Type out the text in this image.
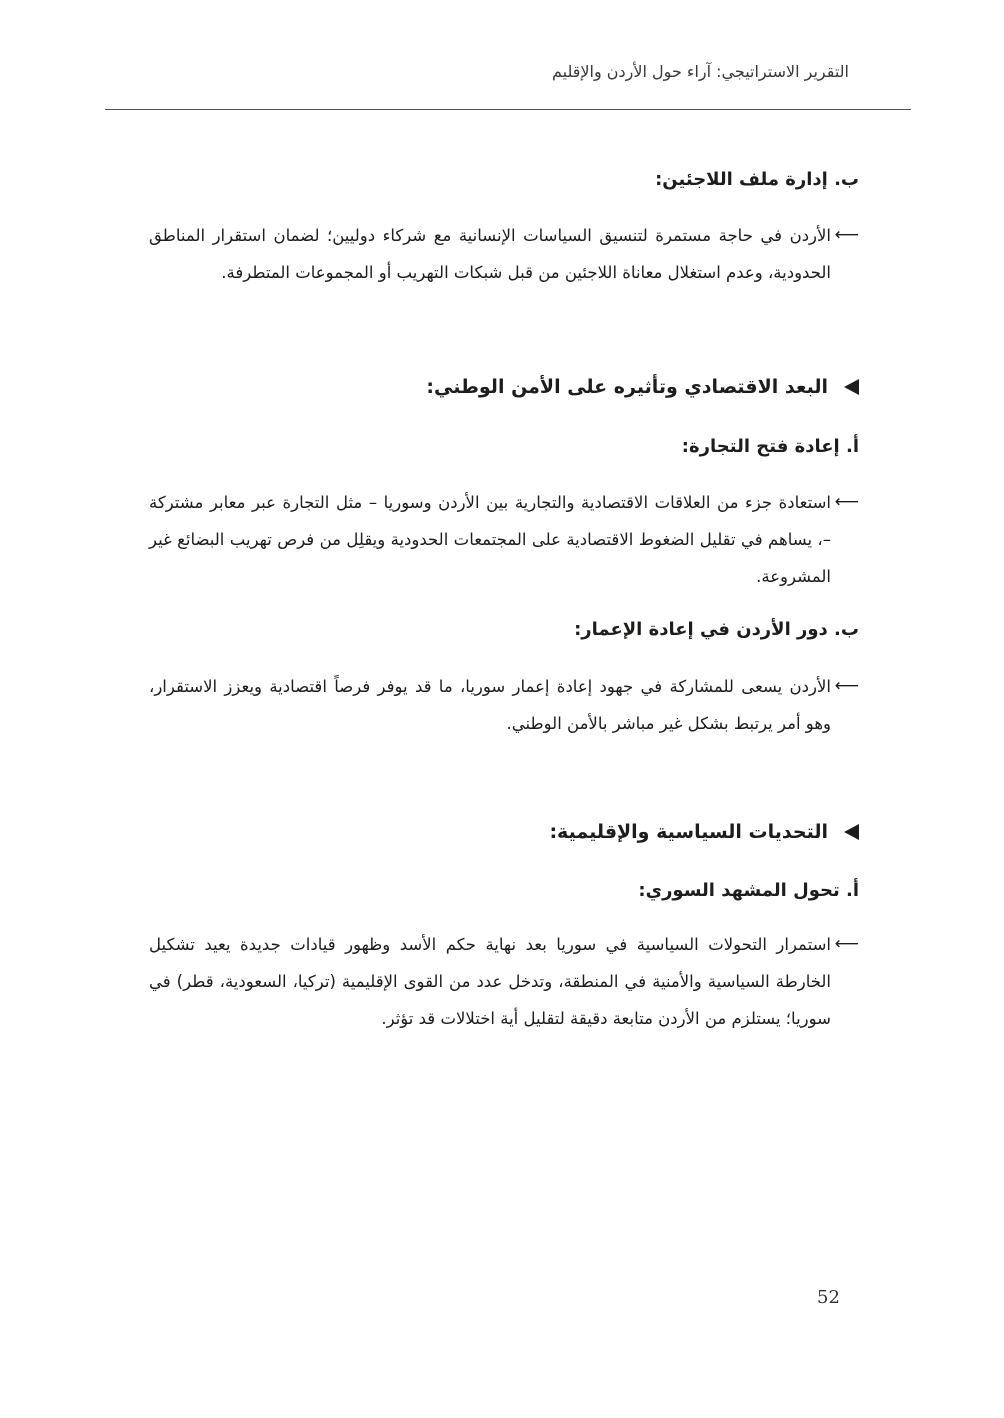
التقرير الاستراتيجي: آراء حول الأردن والإقليم
ب. إدارة ملف اللاجئين:

⟵
الأردن في حاجة مستمرة لتنسيق السياسات الإنسانية مع شركاء دوليين؛ لضمان استقرار المناطق الحدودية، وعدم استغلال معاناة اللاجئين من قبل شبكات التهريب أو المجموعات المتطرفة.

البعد الاقتصادي وتأثيره على الأمن الوطني:
أ. إعادة فتح التجارة:

⟵
استعادة جزء من العلاقات الاقتصادية والتجارية بين الأردن وسوريا – مثل التجارة عبر معابر مشتركة –، يساهم في تقليل الضغوط الاقتصادية على المجتمعات الحدودية ويقلِل من فرص تهريب البضائع غير المشروعة.

ب. دور الأردن في إعادة الإعمار:

⟵
الأردن يسعى للمشاركة في جهود إعادة إعمار سوريا، ما قد يوفر فرصاً اقتصادية ويعزز الاستقرار، وهو أمر يرتبط بشكل غير مباشر بالأمن الوطني.

التحديات السياسية والإقليمية:
أ. تحول المشهد السوري:

⟵
استمرار التحولات السياسية في سوريا بعد نهاية حكم الأسد وظهور قيادات جديدة يعيد تشكيل الخارطة السياسية والأمنية في المنطقة، وتدخل عدد من القوى الإقليمية (تركيا، السعودية، قطر) في سوريا؛ يستلزم من الأردن متابعة دقيقة لتقليل أية اختلالات قد تؤثر.

52
